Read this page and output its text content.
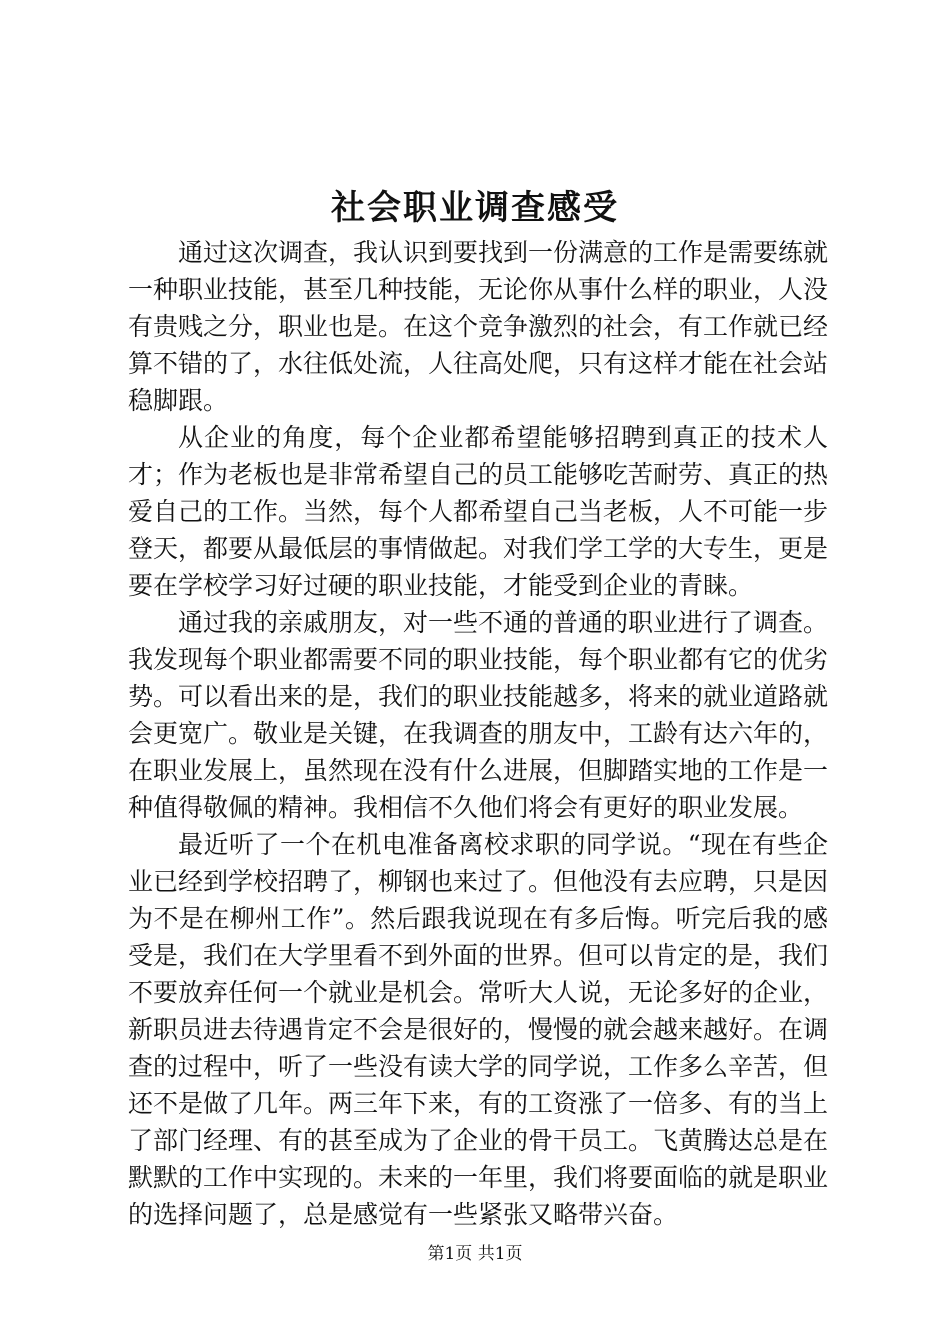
社会职业调查感受

通过这次调查，我认识到要找到一份满意的工作是需要练就一种职业技能，甚至几种技能，无论你从事什么样的职业，人没有贵贱之分，职业也是。在这个竞争激烈的社会，有工作就已经算不错的了，水往低处流，人往高处爬，只有这样才能在社会站稳脚跟。

从企业的角度，每个企业都希望能够招聘到真正的技术人才；作为老板也是非常希望自己的员工能够吃苦耐劳、真正的热爱自己的工作。当然，每个人都希望自己当老板，人不可能一步登天，都要从最低层的事情做起。对我们学工学的大专生，更是要在学校学习好过硬的职业技能，才能受到企业的青睐。

通过我的亲戚朋友，对一些不通的普通的职业进行了调查。我发现每个职业都需要不同的职业技能，每个职业都有它的优劣势。可以看出来的是，我们的职业技能越多，将来的就业道路就会更宽广。敬业是关键，在我调查的朋友中，工龄有达六年的，在职业发展上，虽然现在没有什么进展，但脚踏实地的工作是一种值得敬佩的精神。我相信不久他们将会有更好的职业发展。

最近听了一个在机电准备离校求职的同学说。“现在有些企业已经到学校招聘了，柳钢也来过了。但他没有去应聘，只是因为不是在柳州工作”。然后跟我说现在有多后悔。听完后我的感受是，我们在大学里看不到外面的世界。但可以肯定的是，我们不要放弃任何一个就业是机会。常听大人说，无论多好的企业，新职员进去待遇肯定不会是很好的，慢慢的就会越来越好。在调查的过程中，听了一些没有读大学的同学说，工作多么辛苦，但还不是做了几年。两三年下来，有的工资涨了一倍多、有的当上了部门经理、有的甚至成为了企业的骨干员工。飞黄腾达总是在默默的工作中实现的。未来的一年里，我们将要面临的就是职业的选择问题了，总是感觉有一些紧张又略带兴奋。

第1页 共1页
